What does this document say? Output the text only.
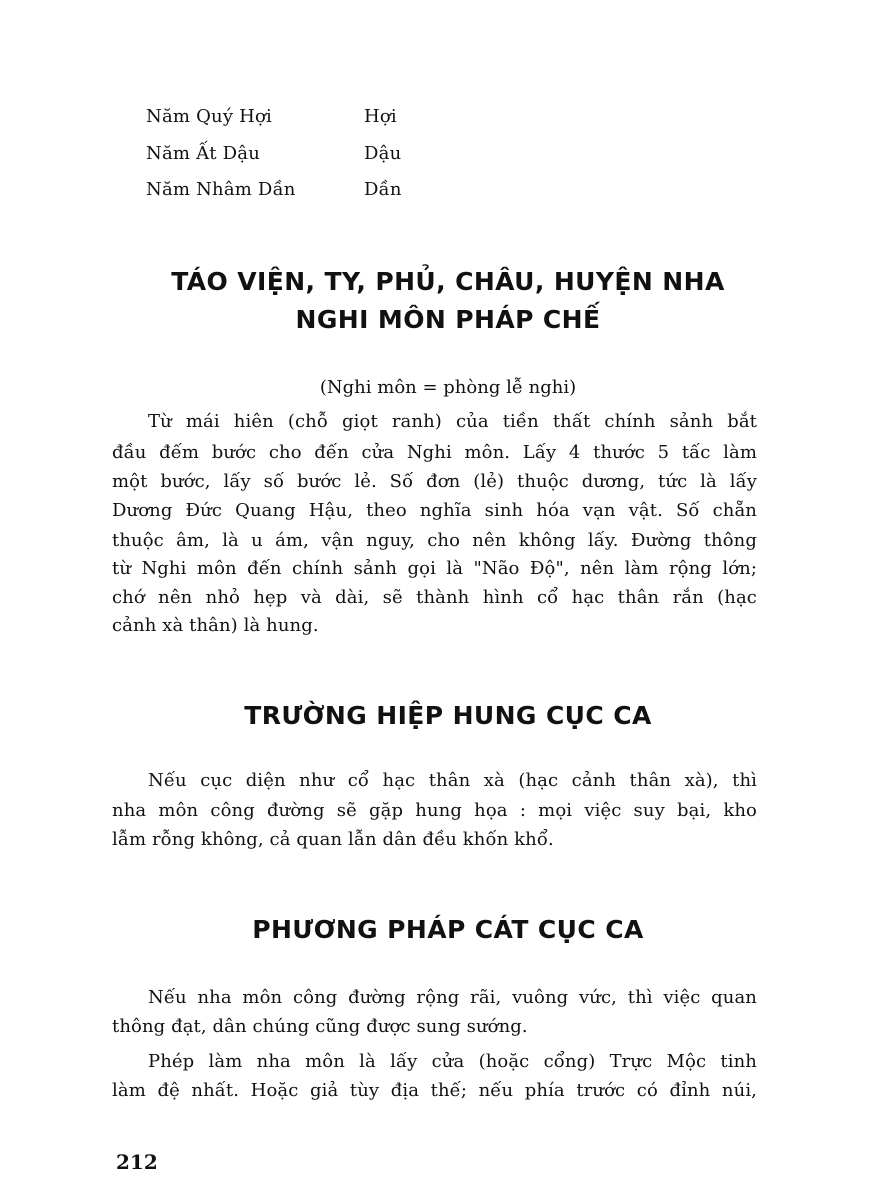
Năm Quý Hợi	Hợi
Năm Ất Dậu	Dậu
Năm Nhâm Dần	Dần
TÁO VIỆN, TY, PHỦ, CHÂU, HUYỆN NHA
NGHI MÔN PHÁP CHẾ
(Nghi môn = phòng lễ nghi)
Từ mái hiên (chỗ giọt ranh) của tiền thất chính sảnh bắt
đầu đếm bước cho đến cửa Nghi môn. Lấy 4 thước 5 tấc làm
một bước, lấy số bước lẻ. Số đơn (lẻ) thuộc dương, tức là lấy
Dương Đức Quang Hậu, theo nghĩa sinh hóa vạn vật. Số chẵn
thuộc âm, là u ám, vận nguy, cho nên không lấy. Đường thông
từ Nghi môn đến chính sảnh gọi là "Não Độ", nên làm rộng lớn;
chớ nên nhỏ hẹp và dài, sẽ thành hình cổ hạc thân rắn (hạc
cảnh xà thân) là hung.
TRƯỜNG HIỆP HUNG CỤC CA
Nếu cục diện như cổ hạc thân xà (hạc cảnh thân xà), thì
nha môn công đường sẽ gặp hung họa : mọi việc suy bại, kho
lẫm rỗng không, cả quan lẫn dân đều khốn khổ.
PHƯƠNG PHÁP CÁT CỤC CA
Nếu nha môn công đường rộng rãi, vuông vức, thì việc quan
thông đạt, dân chúng cũng được sung sướng.
Phép làm nha môn là lấy cửa (hoặc cổng) Trực Mộc tinh
làm đệ nhất. Hoặc giả tùy địa thế; nếu phía trước có đỉnh núi,
212
